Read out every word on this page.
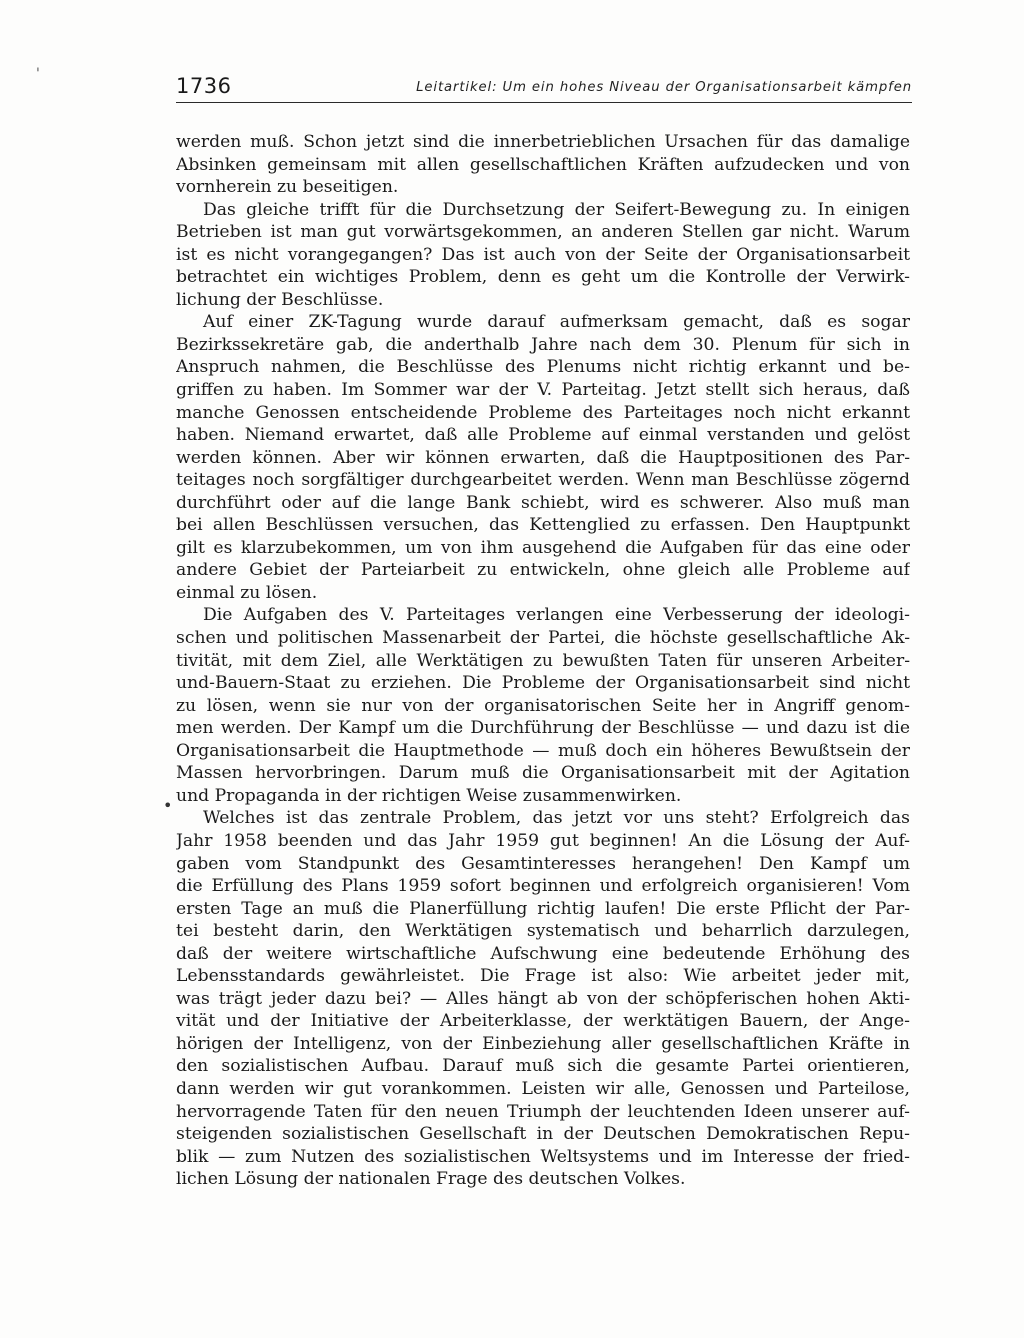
1736	Leitartikel: Um ein hohes Niveau der Organisationsarbeit kämpfen
'
•
werden muß. Schon jetzt sind die innerbetrieblichen Ursachen für das damalige
Absinken gemeinsam mit allen gesellschaftlichen Kräften aufzudecken und von
vornherein zu beseitigen.
Das gleiche trifft für die Durchsetzung der Seifert-Bewegung zu. In einigen
Betrieben ist man gut vorwärtsgekommen, an anderen Stellen gar nicht. Warum
ist es nicht vorangegangen? Das ist auch von der Seite der Organisationsarbeit
betrachtet ein wichtiges Problem, denn es geht um die Kontrolle der Verwirk-
lichung der Beschlüsse.
Auf einer ZK-Tagung wurde darauf aufmerksam gemacht, daß es sogar
Bezirkssekretäre gab, die anderthalb Jahre nach dem 30. Plenum für sich in
Anspruch nahmen, die Beschlüsse des Plenums nicht richtig erkannt und be-
griffen zu haben. Im Sommer war der V. Parteitag. Jetzt stellt sich heraus, daß
manche Genossen entscheidende Probleme des Parteitages noch nicht erkannt
haben. Niemand erwartet, daß alle Probleme auf einmal verstanden und gelöst
werden können. Aber wir können erwarten, daß die Hauptpositionen des Par-
teitages noch sorgfältiger durchgearbeitet werden. Wenn man Beschlüsse zögernd
durchführt oder auf die lange Bank schiebt, wird es schwerer. Also muß man
bei allen Beschlüssen versuchen, das Kettenglied zu erfassen. Den Hauptpunkt
gilt es klarzubekommen, um von ihm ausgehend die Aufgaben für das eine oder
andere Gebiet der Parteiarbeit zu entwickeln, ohne gleich alle Probleme auf
einmal zu lösen.
Die Aufgaben des V. Parteitages verlangen eine Verbesserung der ideologi-
schen und politischen Massenarbeit der Partei, die höchste gesellschaftliche Ak-
tivität, mit dem Ziel, alle Werktätigen zu bewußten Taten für unseren Arbeiter-
und-Bauern-Staat zu erziehen. Die Probleme der Organisationsarbeit sind nicht
zu lösen, wenn sie nur von der organisatorischen Seite her in Angriff genom-
men werden. Der Kampf um die Durchführung der Beschlüsse — und dazu ist die
Organisationsarbeit die Hauptmethode — muß doch ein höheres Bewußtsein der
Massen hervorbringen. Darum muß die Organisationsarbeit mit der Agitation
und Propaganda in der richtigen Weise zusammenwirken.
Welches ist das zentrale Problem, das jetzt vor uns steht? Erfolgreich das
Jahr 1958 beenden und das Jahr 1959 gut beginnen! An die Lösung der Auf-
gaben vom Standpunkt des Gesamtinteresses herangehen! Den Kampf um
die Erfüllung des Plans 1959 sofort beginnen und erfolgreich organisieren! Vom
ersten Tage an muß die Planerfüllung richtig laufen! Die erste Pflicht der Par-
tei besteht darin, den Werktätigen systematisch und beharrlich darzulegen,
daß der weitere wirtschaftliche Aufschwung eine bedeutende Erhöhung des
Lebensstandards gewährleistet. Die Frage ist also: Wie arbeitet jeder mit,
was trägt jeder dazu bei? — Alles hängt ab von der schöpferischen hohen Akti-
vität und der Initiative der Arbeiterklasse, der werktätigen Bauern, der Ange-
hörigen der Intelligenz, von der Einbeziehung aller gesellschaftlichen Kräfte in
den sozialistischen Aufbau. Darauf muß sich die gesamte Partei orientieren,
dann werden wir gut vorankommen. Leisten wir alle, Genossen und Parteilose,
hervorragende Taten für den neuen Triumph der leuchtenden Ideen unserer auf-
steigenden sozialistischen Gesellschaft in der Deutschen Demokratischen Repu-
blik — zum Nutzen des sozialistischen Weltsystems und im Interesse der fried-
lichen Lösung der nationalen Frage des deutschen Volkes.
